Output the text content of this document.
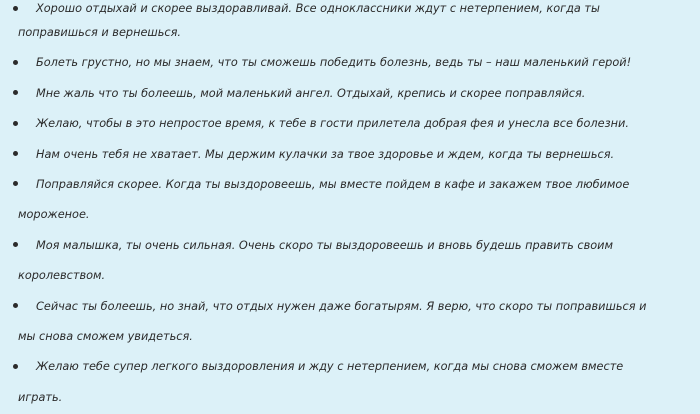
Хорошо отдыхай и скорее выздоравливай. Все одноклассники ждут с нетерпением, когда ты
поправишься и вернешься.
Болеть грустно, но мы знаем, что ты сможешь победить болезнь, ведь ты – наш маленький герой!
Мне жаль что ты болеешь, мой маленький ангел. Отдыхай, крепись и скорее поправляйся.
Желаю, чтобы в это непростое время, к тебе в гости прилетела добрая фея и унесла все болезни.
Нам очень тебя не хватает. Мы держим кулачки за твое здоровье и ждем, когда ты вернешься.
Поправляйся скорее. Когда ты выздоровеешь, мы вместе пойдем в кафе и закажем твое любимое
мороженое.
Моя малышка, ты очень сильная. Очень скоро ты выздоровеешь и вновь будешь править своим
королевством.
Сейчас ты болеешь, но знай, что отдых нужен даже богатырям. Я верю, что скоро ты поправишься и
мы снова сможем увидеться.
Желаю тебе супер легкого выздоровления и жду с нетерпением, когда мы снова сможем вместе
играть.
